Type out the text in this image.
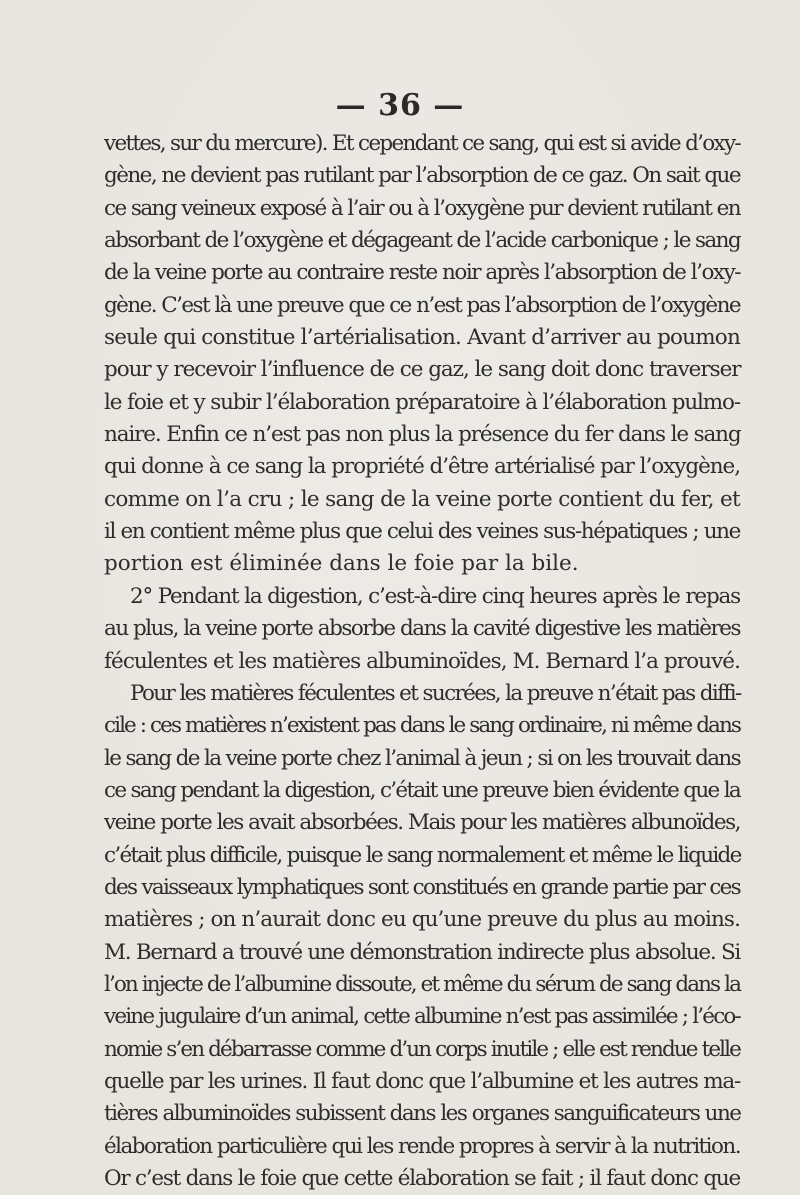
— 36 —
vettes, sur du mercure). Et cependant ce sang, qui est si avide d’oxy-
gène, ne devient pas rutilant par l’absorption de ce gaz. On sait que
ce sang veineux exposé à l’air ou à l’oxygène pur devient rutilant en
absorbant de l’oxygène et dégageant de l’acide carbonique ; le sang
de la veine porte au contraire reste noir après l’absorption de l’oxy-
gène. C’est là une preuve que ce n’est pas l’absorption de l’oxygène
seule qui constitue l’artérialisation. Avant d’arriver au poumon
pour y recevoir l’influence de ce gaz, le sang doit donc traverser
le foie et y subir l’élaboration préparatoire à l’élaboration pulmo-
naire. Enfin ce n’est pas non plus la présence du fer dans le sang
qui donne à ce sang la propriété d’être artérialisé par l’oxygène,
comme on l’a cru ; le sang de la veine porte contient du fer, et
il en contient même plus que celui des veines sus-hépatiques ; une
portion est éliminée dans le foie par la bile.
2° Pendant la digestion, c’est-à-dire cinq heures après le repas
au plus, la veine porte absorbe dans la cavité digestive les matières
féculentes et les matières albuminoïdes, M. Bernard l’a prouvé.
Pour les matières féculentes et sucrées, la preuve n’était pas diffi-
cile : ces matières n’existent pas dans le sang ordinaire, ni même dans
le sang de la veine porte chez l’animal à jeun ; si on les trouvait dans
ce sang pendant la digestion, c’était une preuve bien évidente que la
veine porte les avait absorbées. Mais pour les matières albunoïdes,
c’était plus difficile, puisque le sang normalement et même le liquide
des vaisseaux lymphatiques sont constitués en grande partie par ces
matières ; on n’aurait donc eu qu’une preuve du plus au moins.
M. Bernard a trouvé une démonstration indirecte plus absolue. Si
l’on injecte de l’albumine dissoute, et même du sérum de sang dans la
veine jugulaire d’un animal, cette albumine n’est pas assimilée ; l’éco-
nomie s’en débarrasse comme d’un corps inutile ; elle est rendue telle
quelle par les urines. Il faut donc que l’albumine et les autres ma-
tières albuminoïdes subissent dans les organes sanguificateurs une
élaboration particulière qui les rende propres à servir à la nutrition.
Or c’est dans le foie que cette élaboration se fait ; il faut donc que
